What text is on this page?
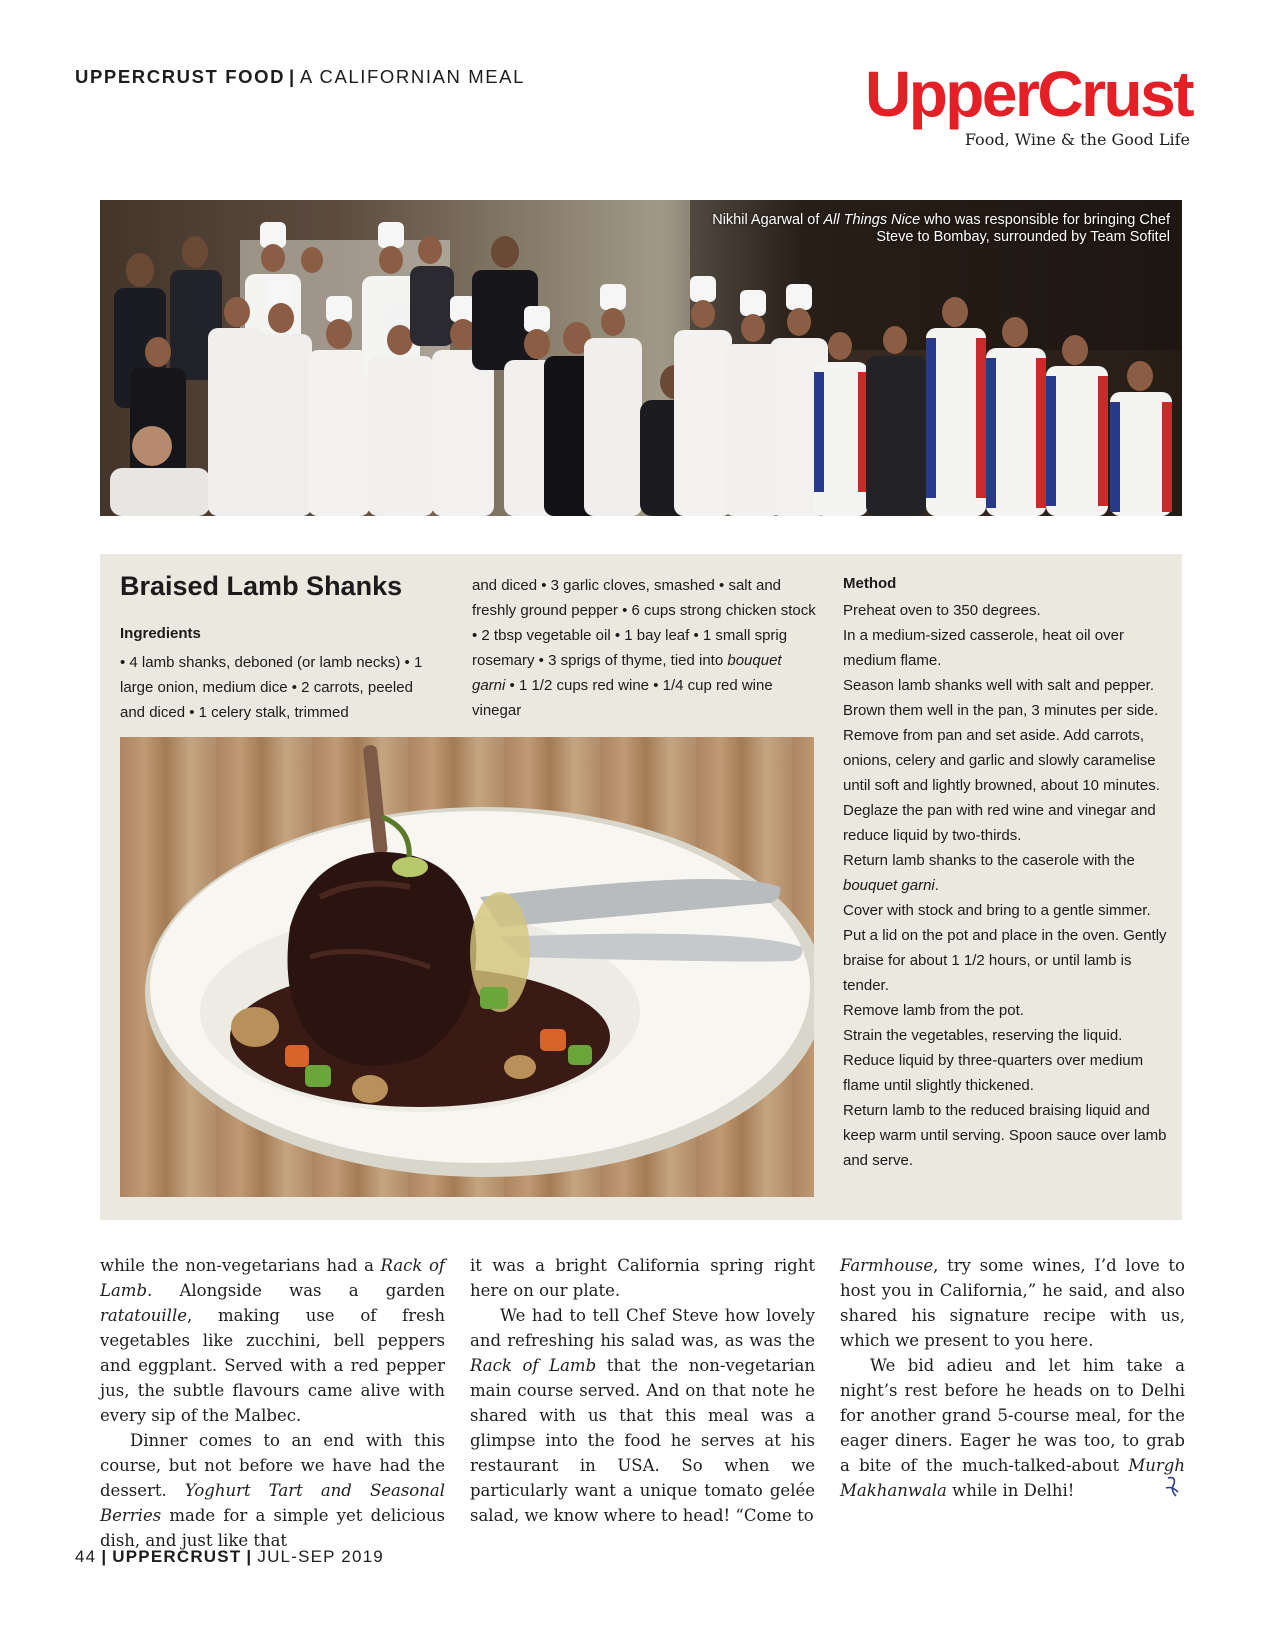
UPPERCRUST FOOD | A CALIFORNIAN MEAL	UpperCrust
Food, Wine & the Good Life
Nikhil Agarwal of All Things Nice who was responsible for bringing Chef Steve to Bombay, surrounded by Team Sofitel
Braised Lamb Shanks
Ingredients
• 4 lamb shanks, deboned (or lamb necks) • 1 large onion, medium dice • 2 carrots, peeled and diced • 1 celery stalk, trimmed
and diced • 3 garlic cloves, smashed • salt and freshly ground pepper • 6 cups strong chicken stock • 2 tbsp vegetable oil • 1 bay leaf • 1 small sprig rosemary • 3 sprigs of thyme, tied into bouquet garni • 1 1/2 cups red wine • 1/4 cup red wine vinegar
Method

Preheat oven to 350 degrees.

In a medium-sized casserole, heat oil over medium flame.

Season lamb shanks well with salt and pepper. Brown them well in the pan, 3 minutes per side. Remove from pan and set aside. Add carrots, onions, celery and garlic and slowly caramelise until soft and lightly browned, about 10 minutes.

Deglaze the pan with red wine and vinegar and reduce liquid by two-thirds.

Return lamb shanks to the caserole with the bouquet garni.

Cover with stock and bring to a gentle simmer. Put a lid on the pot and place in the oven. Gently braise for about 1 1/2 hours, or until lamb is tender.

Remove lamb from the pot.

Strain the vegetables, reserving the liquid.

Reduce liquid by three-quarters over medium flame until slightly thickened.

Return lamb to the reduced braising liquid and keep warm until serving. Spoon sauce over lamb and serve.

while the non-vegetarians had a Rack of Lamb. Alongside was a garden ratatouille, making use of fresh vegetables like zucchini, bell peppers and eggplant. Served with a red pepper jus, the subtle flavours came alive with every sip of the Malbec.

Dinner comes to an end with this course, but not before we have had the dessert. Yoghurt Tart and Seasonal Berries made for a simple yet delicious dish, and just like that

it was a bright California spring right here on our plate.

We had to tell Chef Steve how lovely and refreshing his salad was, as was the Rack of Lamb that the non-vegetarian main course served. And on that note he shared with us that this meal was a glimpse into the food he serves at his restaurant in USA. So when we particularly want a unique tomato gelée salad, we know where to head! “Come to

Farmhouse, try some wines, I’d love to host you in California,” he said, and also shared his signature recipe with us, which we present to you here.

We bid adieu and let him take a night’s rest before he heads on to Delhi for another grand 5-course meal, for the eager diners. Eager he was too, to grab a bite of the much-talked-about Murgh Makhanwala while in Delhi!

44 | UPPERCRUST | JUL-SEP 2019
